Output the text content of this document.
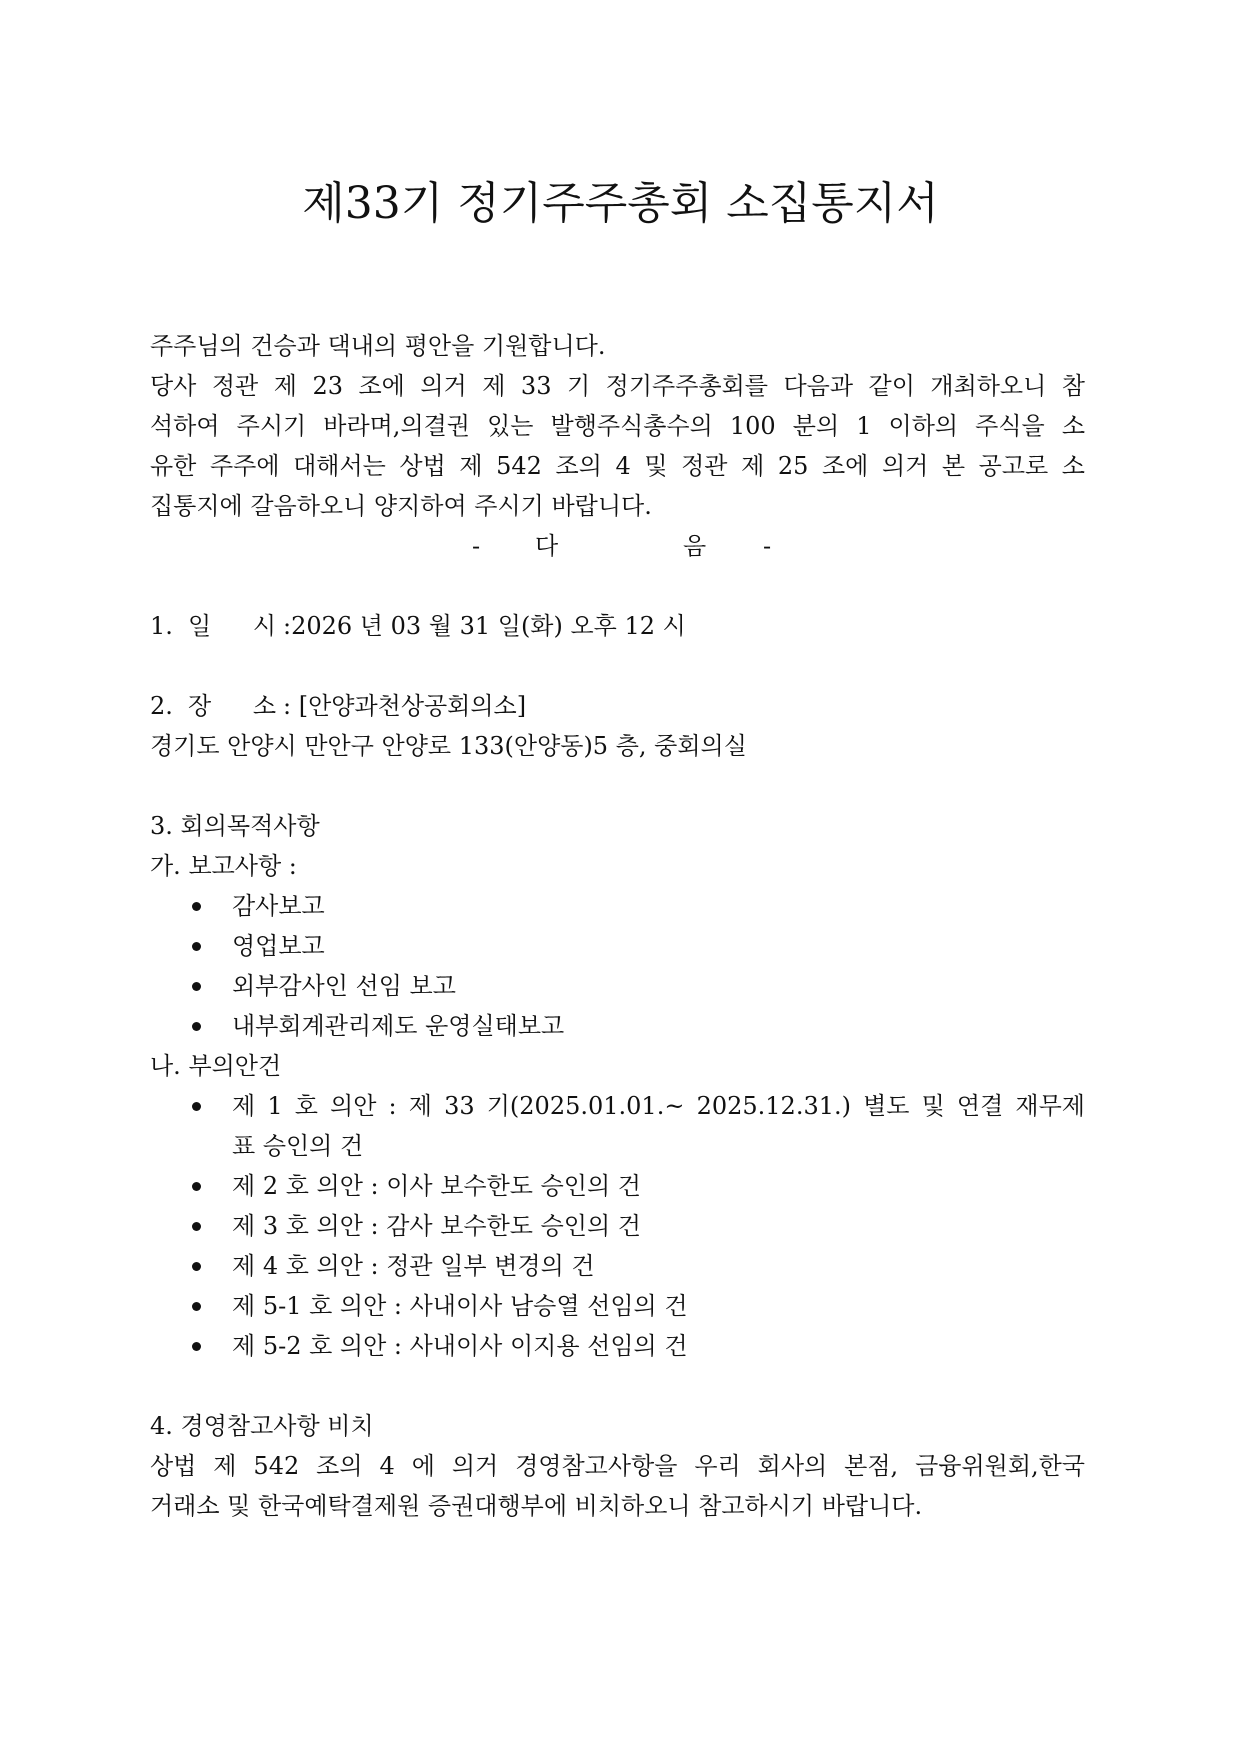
제33기 정기주주총회 소집통지서
주주님의 건승과 댁내의 평안을 기원합니다.
당사 정관 제 23 조에 의거 제 33 기 정기주주총회를 다음과 같이 개최하오니 참
석하여 주시기 바라며,의결권 있는 발행주식총수의 100 분의 1 이하의 주식을 소
유한 주주에 대해서는 상법 제 542 조의 4 및 정관 제 25 조에 의거 본 공고로 소
집통지에 갈음하오니 양지하여 주시기 바랍니다.
- 다	음 -
1. 일 시 :2026 년 03 월 31 일(화) 오후 12 시
2. 장 소 : [안양과천상공회의소]
경기도 안양시 만안구 안양로 133(안양동)5 층, 중회의실
3. 회의목적사항
가. 보고사항 :
감사보고
영업보고
외부감사인 선임 보고
내부회계관리제도 운영실태보고
나. 부의안건
제 1 호 의안 : 제 33 기(2025.01.01.~ 2025.12.31.) 별도 및 연결 재무제
표 승인의 건
제 2 호 의안 : 이사 보수한도 승인의 건
제 3 호 의안 : 감사 보수한도 승인의 건
제 4 호 의안 : 정관 일부 변경의 건
제 5-1 호 의안 : 사내이사 남승열 선임의 건
제 5-2 호 의안 : 사내이사 이지용 선임의 건
4. 경영참고사항 비치
상법 제 542 조의 4 에 의거 경영참고사항을 우리 회사의 본점, 금융위원회,한국
거래소 및 한국예탁결제원 증권대행부에 비치하오니 참고하시기 바랍니다.
